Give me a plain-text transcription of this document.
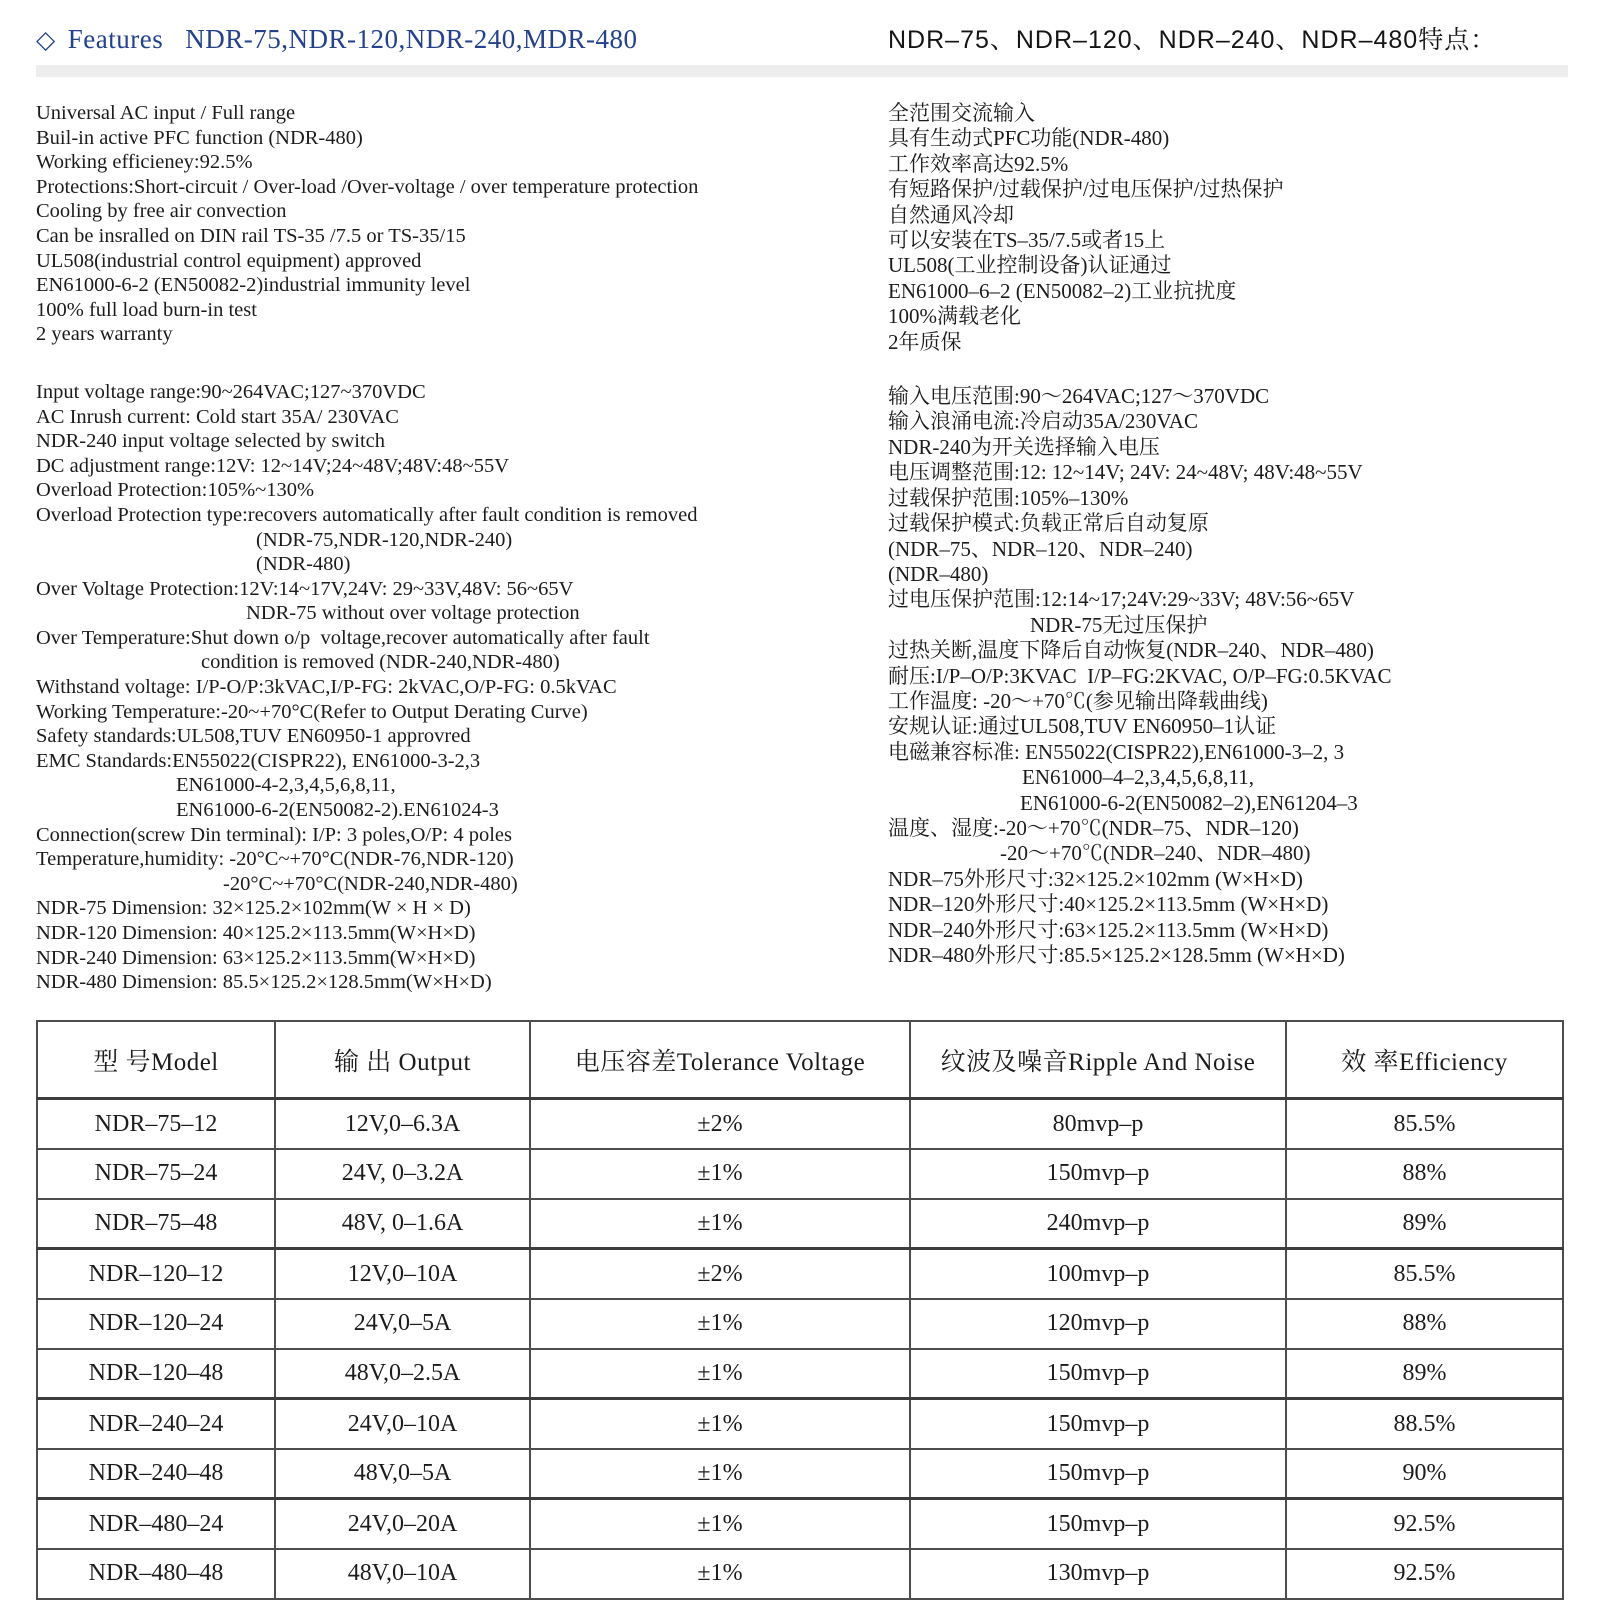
◇ Features NDR-75,NDR-120,NDR-240,MDR-480	NDR–75、NDR–120、NDR–240、NDR–480特点：
Universal AC input / Full range
Buil-in active PFC function (NDR-480)
Working efficieney:92.5%
Protections:Short-circuit / Over-load /Over-voltage / over temperature protection
Cooling by free air convection
Can be insralled on DIN rail TS-35 /7.5 or TS-35/15
UL508(industrial control equipment) approved
EN61000-6-2 (EN50082-2)industrial immunity level
100% full load burn-in test
2 years warranty
Input voltage range:90~264VAC;127~370VDC
AC Inrush current: Cold start 35A/ 230VAC
NDR-240 input voltage selected by switch
DC adjustment range:12V: 12~14V;24~48V;48V:48~55V
Overload Protection:105%~130%
Overload Protection type:recovers automatically after fault condition is removed
(NDR-75,NDR-120,NDR-240)
(NDR-480)
Over Voltage Protection:12V:14~17V,24V: 29~33V,48V: 56~65V
NDR-75 without over voltage protection
Over Temperature:Shut down o/p  voltage,recover automatically after fault
condition is removed (NDR-240,NDR-480)
Withstand voltage: I/P-O/P:3kVAC,I/P-FG: 2kVAC,O/P-FG: 0.5kVAC
Working Temperature:-20~+70°C(Refer to Output Derating Curve)
Safety standards:UL508,TUV EN60950-1 approvred
EMC Standards:EN55022(CISPR22), EN61000-3-2,3
EN61000-4-2,3,4,5,6,8,11,
EN61000-6-2(EN50082-2).EN61024-3
Connection(screw Din terminal): I/P: 3 poles,O/P: 4 poles
Temperature,humidity: -20°C~+70°C(NDR-76,NDR-120)
-20°C~+70°C(NDR-240,NDR-480)
NDR-75 Dimension: 32×125.2×102mm(W × H × D)
NDR-120 Dimension: 40×125.2×113.5mm(W×H×D)
NDR-240 Dimension: 63×125.2×113.5mm(W×H×D)
NDR-480 Dimension: 85.5×125.2×128.5mm(W×H×D)
全范围交流输入
具有生动式PFC功能(NDR-480)
工作效率高达92.5%
有短路保护/过载保护/过电压保护/过热保护
自然通风冷却
可以安装在TS–35/7.5或者15上
UL508(工业控制设备)认证通过
EN61000–6–2 (EN50082–2)工业抗扰度
100%满载老化
2年质保
输入电压范围:90～264VAC;127～370VDC
输入浪涌电流:冷启动35A/230VAC
NDR-240为开关选择输入电压
电压调整范围:12: 12~14V; 24V: 24~48V; 48V:48~55V
过载保护范围:105%–130%
过载保护模式:负载正常后自动复原
(NDR–75、NDR–120、NDR–240)
(NDR–480)
过电压保护范围:12:14~17;24V:29~33V; 48V:56~65V
NDR-75无过压保护
过热关断,温度下降后自动恢复(NDR–240、NDR–480)
耐压:I/P–O/P:3KVAC  I/P–FG:2KVAC, O/P–FG:0.5KVAC
工作温度: -20～+70℃(参见输出降载曲线)
安规认证:通过UL508,TUV EN60950–1认证
电磁兼容标准: EN55022(CISPR22),EN61000-3–2, 3
EN61000–4–2,3,4,5,6,8,11,
EN61000-6-2(EN50082–2),EN61204–3
温度、湿度:-20～+70℃(NDR–75、NDR–120)
-20～+70℃(NDR–240、NDR–480)
NDR–75外形尺寸:32×125.2×102mm (W×H×D)
NDR–120外形尺寸:40×125.2×113.5mm (W×H×D)
NDR–240外形尺寸:63×125.2×113.5mm (W×H×D)
NDR–480外形尺寸:85.5×125.2×128.5mm (W×H×D)
型 号Model	输 出 Output	电压容差Tolerance Voltage	纹波及噪音Ripple And Noise	效 率Efficiency
NDR–75–12	12V,0–6.3A	±2%	80mvp–p	85.5%
NDR–75–24	24V, 0–3.2A	±1%	150mvp–p	88%
NDR–75–48	48V, 0–1.6A	±1%	240mvp–p	89%
NDR–120–12	12V,0–10A	±2%	100mvp–p	85.5%
NDR–120–24	24V,0–5A	±1%	120mvp–p	88%
NDR–120–48	48V,0–2.5A	±1%	150mvp–p	89%
NDR–240–24	24V,0–10A	±1%	150mvp–p	88.5%
NDR–240–48	48V,0–5A	±1%	150mvp–p	90%
NDR–480–24	24V,0–20A	±1%	150mvp–p	92.5%
NDR–480–48	48V,0–10A	±1%	130mvp–p	92.5%
